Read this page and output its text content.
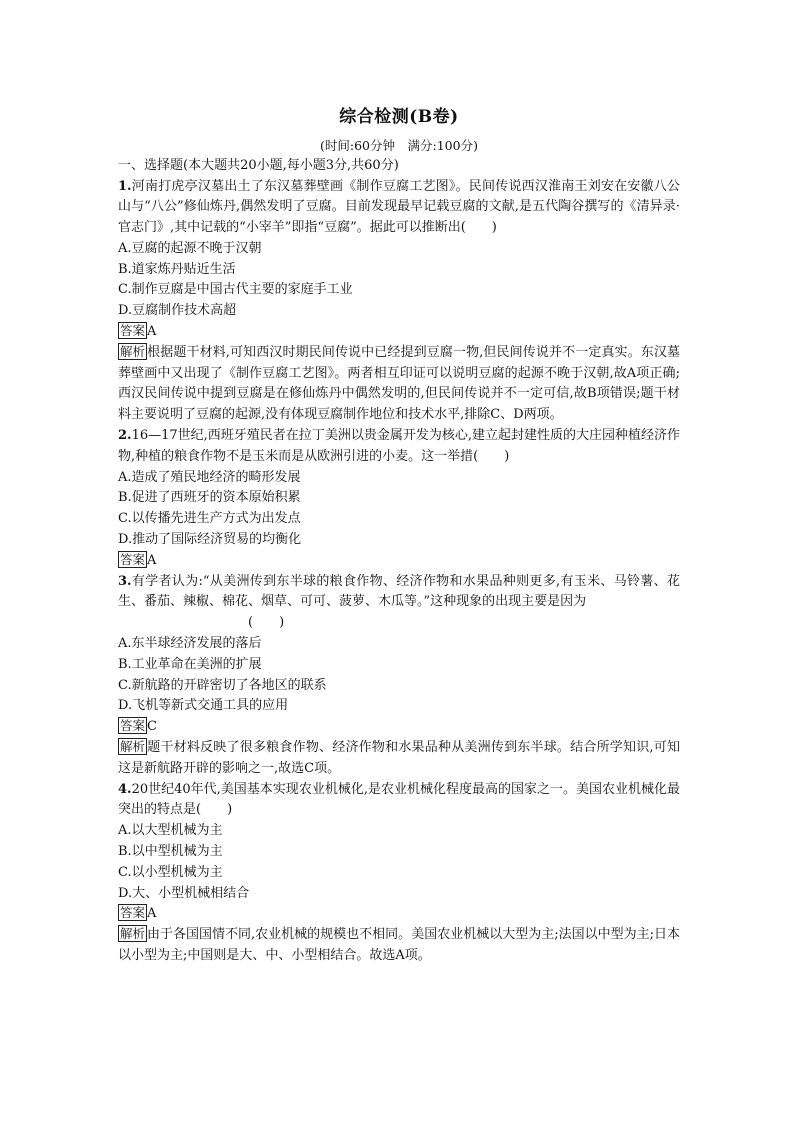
综合检测(B卷)
(时间:60分钟　满分:100分)
一、选择题(本大题共20小题,每小题3分,共60分)

1.河南打虎亭汉墓出土了东汉墓葬壁画《制作豆腐工艺图》。民间传说西汉淮南王刘安在安徽八公山与“八公”修仙炼丹,偶然发明了豆腐。目前发现最早记载豆腐的文献,是五代陶谷撰写的《清异录·官志门》,其中记载的“小宰羊”即指“豆腐”。据此可以推断出(　　)

A.豆腐的起源不晚于汉朝
B.道家炼丹贴近生活
C.制作豆腐是中国古代主要的家庭手工业
D.豆腐制作技术高超
答案 A

解析 根据题干材料,可知西汉时期民间传说中已经提到豆腐一物,但民间传说并不一定真实。东汉墓葬壁画中又出现了《制作豆腐工艺图》。两者相互印证可以说明豆腐的起源不晚于汉朝,故A项正确;西汉民间传说中提到豆腐是在修仙炼丹中偶然发明的,但民间传说并不一定可信,故B项错误;题干材料主要说明了豆腐的起源,没有体现豆腐制作地位和技术水平,排除C、D两项。

2.16—17世纪,西班牙殖民者在拉丁美洲以贵金属开发为核心,建立起封建性质的大庄园种植经济作物,种植的粮食作物不是玉米而是从欧洲引进的小麦。这一举措(　　)

A.造成了殖民地经济的畸形发展
B.促进了西班牙的资本原始积累
C.以传播先进生产方式为出发点
D.推动了国际经济贸易的均衡化
答案 A

3.有学者认为:“从美洲传到东半球的粮食作物、经济作物和水果品种则更多,有玉米、马铃薯、花生、番茄、辣椒、棉花、烟草、可可、菠萝、木瓜等。”这种现象的出现主要是因为

(　　)
A.东半球经济发展的落后
B.工业革命在美洲的扩展
C.新航路的开辟密切了各地区的联系
D.飞机等新式交通工具的应用
答案 C

解析 题干材料反映了很多粮食作物、经济作物和水果品种从美洲传到东半球。结合所学知识,可知这是新航路开辟的影响之一,故选C项。

4.20世纪40年代,美国基本实现农业机械化,是农业机械化程度最高的国家之一。美国农业机械化最突出的特点是(　　)

A.以大型机械为主
B.以中型机械为主
C.以小型机械为主
D.大、小型机械相结合
答案 A

解析 由于各国国情不同,农业机械的规模也不相同。美国农业机械以大型为主;法国以中型为主;日本以小型为主;中国则是大、中、小型相结合。故选A项。
